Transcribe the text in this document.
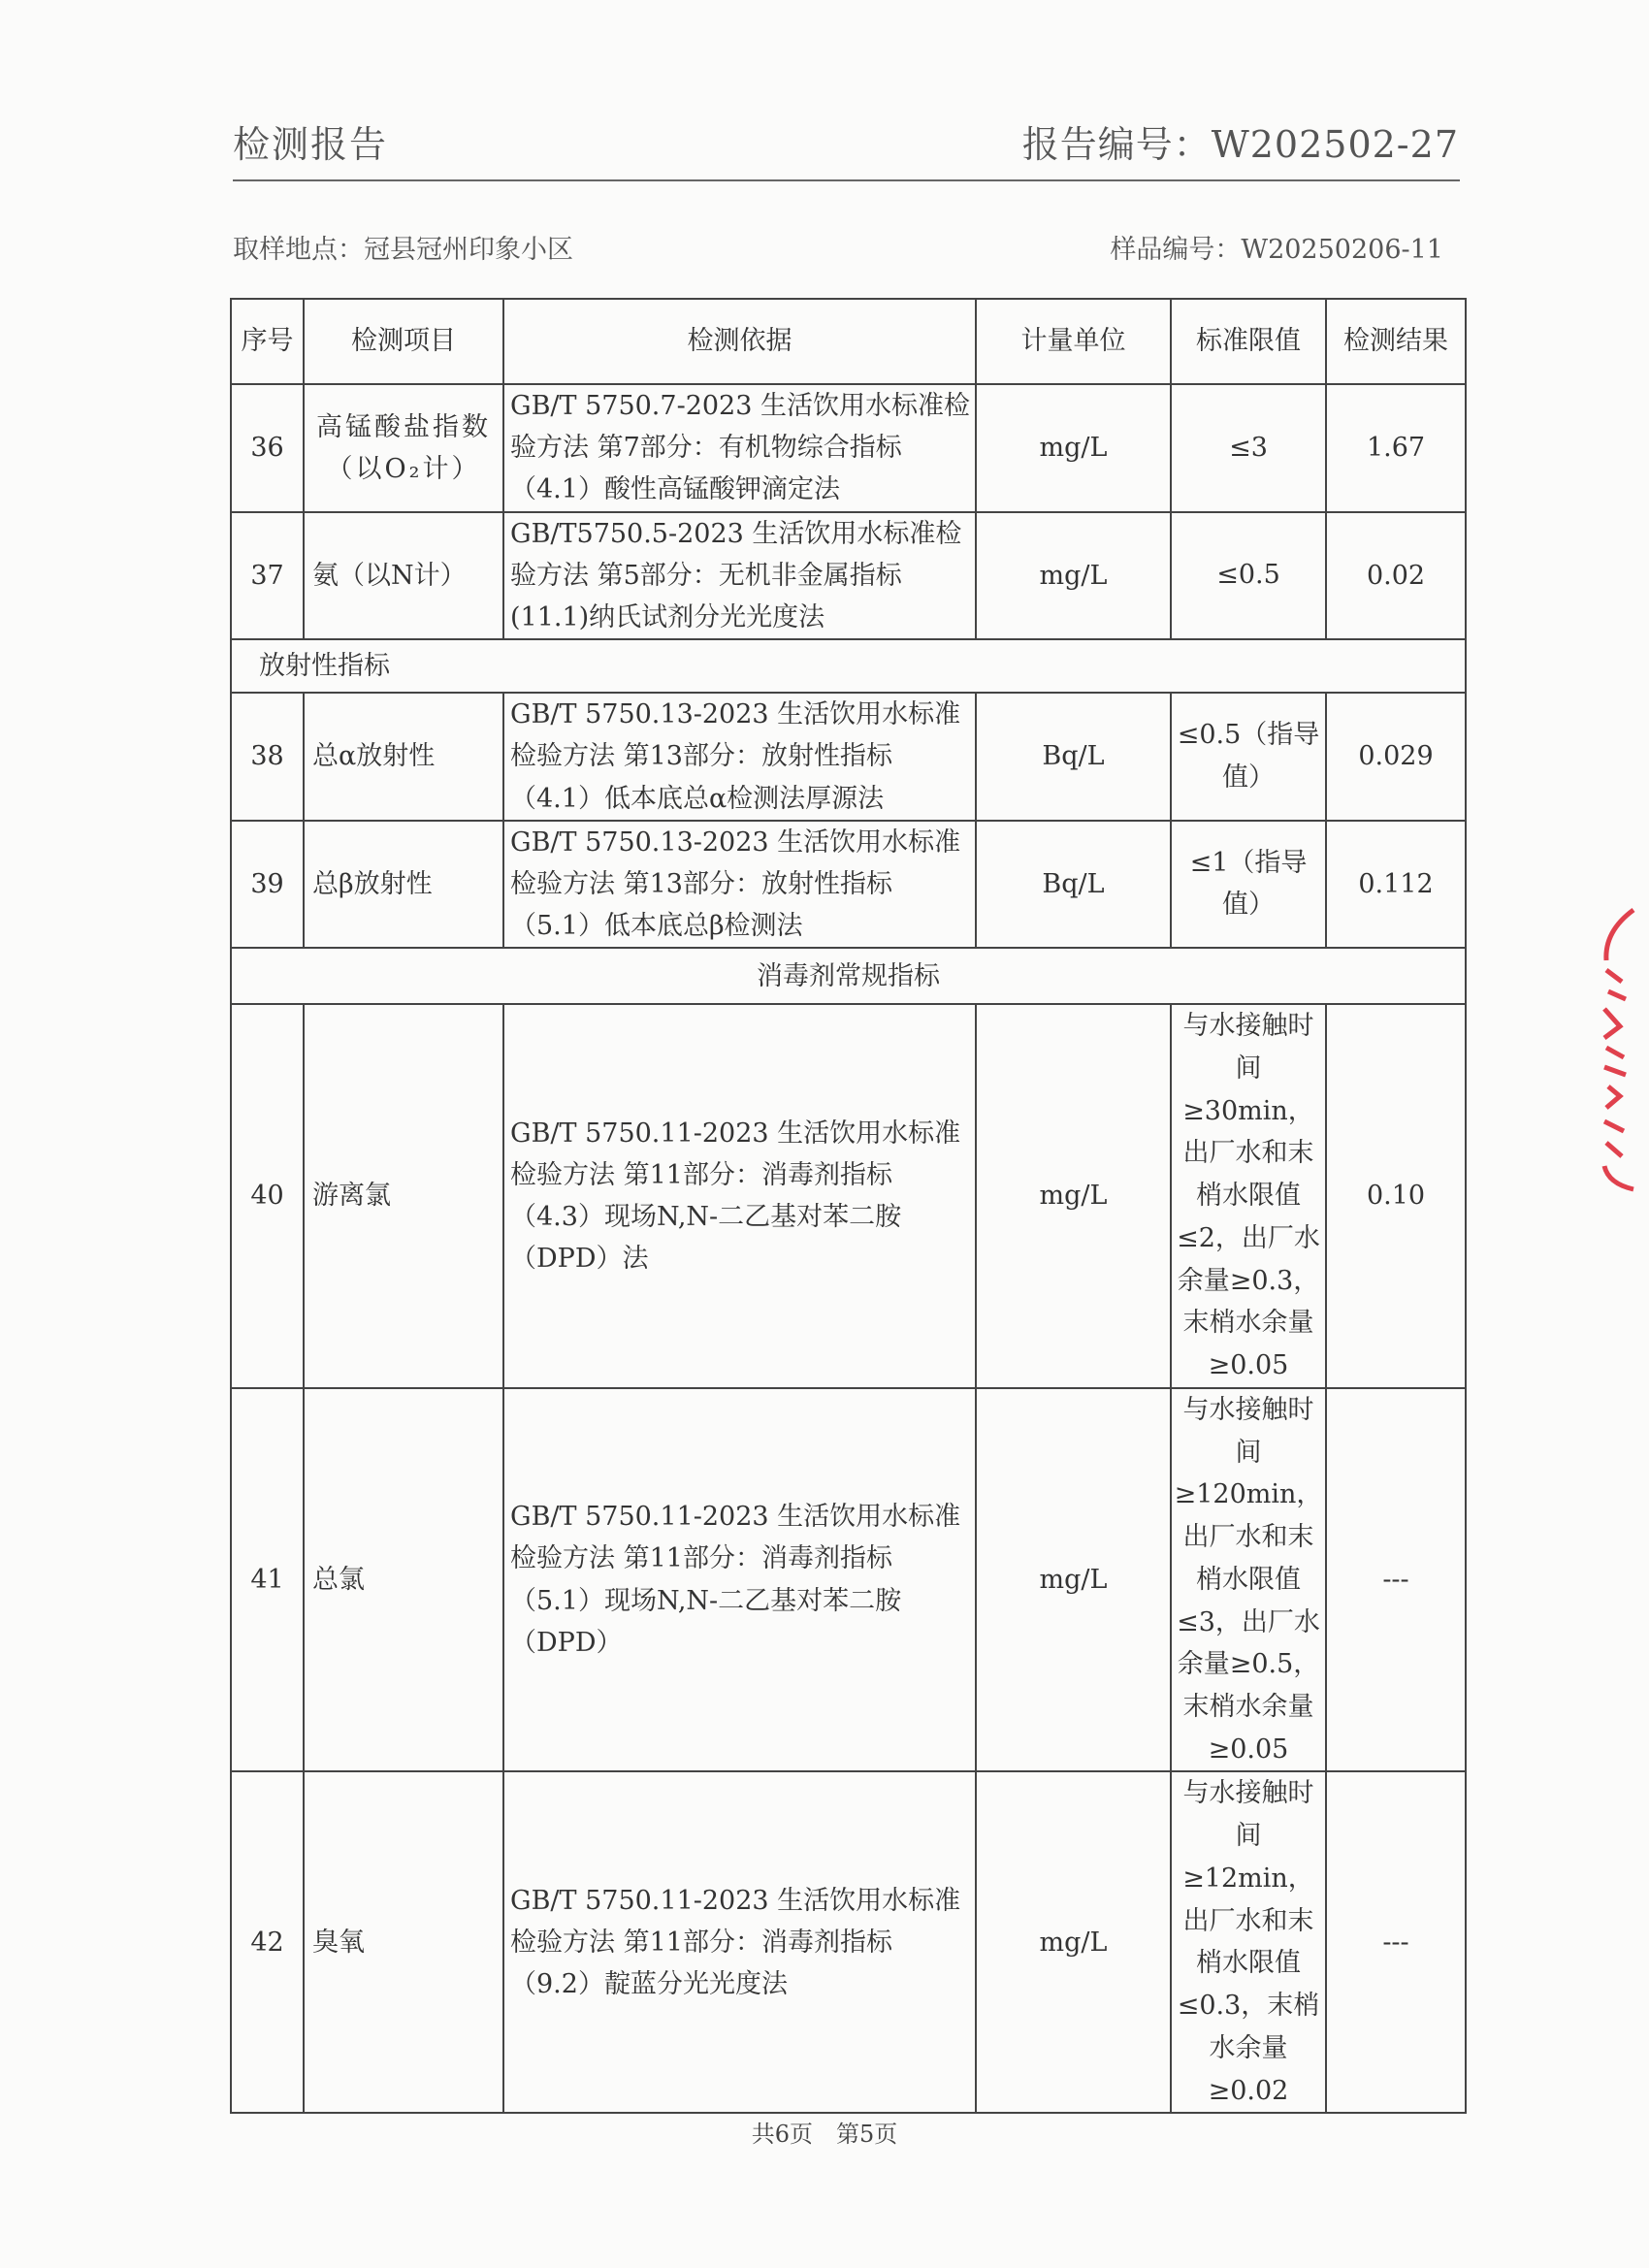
检测报告	报告编号：W202502-27
取样地点：冠县冠州印象小区	样品编号：W20250206-11
序号	检测项目	检测依据	计量单位	标准限值	检测结果
36	高锰酸盐指数（以O₂计）	GB/T 5750.7-2023 生活饮用水标准检验方法 第7部分：有机物综合指标（4.1）酸性高锰酸钾滴定法	mg/L	≤3	1.67
37	氨（以N计）	GB/T5750.5-2023 生活饮用水标准检验方法 第5部分：无机非金属指标(11.1)纳氏试剂分光光度法	mg/L	≤0.5	0.02
放射性指标					
38	总α放射性	GB/T 5750.13-2023 生活饮用水标准检验方法 第13部分：放射性指标（4.1）低本底总α检测法厚源法	Bq/L	≤0.5（指导值）	0.029
39	总β放射性	GB/T 5750.13-2023 生活饮用水标准检验方法 第13部分：放射性指标（5.1）低本底总β检测法	Bq/L	≤1（指导值）	0.112
消毒剂常规指标					
40	游离氯	GB/T 5750.11-2023 生活饮用水标准检验方法 第11部分：消毒剂指标（4.3）现场N,N-二乙基对苯二胺（DPD）法	mg/L	与水接触时间≥30min，出厂水和末梢水限值≤2，出厂水余量≥0.3，末梢水余量≥0.05	0.10
41	总氯	GB/T 5750.11-2023 生活饮用水标准检验方法 第11部分：消毒剂指标（5.1）现场N,N-二乙基对苯二胺（DPD）	mg/L	与水接触时间≥120min，出厂水和末梢水限值≤3，出厂水余量≥0.5，末梢水余量≥0.05	---
42	臭氧	GB/T 5750.11-2023 生活饮用水标准检验方法 第11部分：消毒剂指标（9.2）靛蓝分光光度法	mg/L	与水接触时间≥12min，出厂水和末梢水限值≤0.3，末梢水余量≥0.02	---
共6页　第5页
